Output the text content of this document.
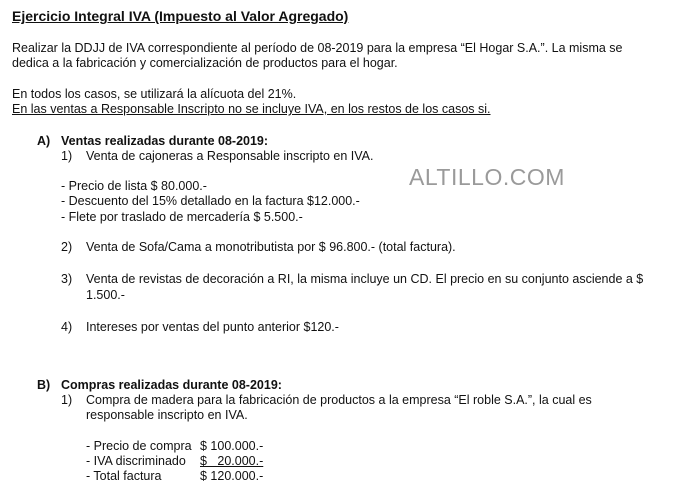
Ejercicio Integral IVA (Impuesto al Valor Agregado)
Realizar la DDJJ de IVA correspondiente al período de 08-2019 para la empresa “El Hogar S.A.”. La misma se
dedica a la fabricación y comercialización de productos para el hogar.
En todos los casos, se utilizará la alícuota del 21%.
En las ventas a Responsable Inscripto no se incluye IVA, en los restos de los casos si.
A) Ventas realizadas durante 08-2019:
1) Venta de cajoneras a Responsable inscripto en IVA.
ALTILLO.COM
- Precio de lista $ 80.000.-
- Descuento del 15% detallado en la factura $12.000.-
- Flete por traslado de mercadería $ 5.500.-
2) Venta de Sofa/Cama a monotributista por $ 96.800.- (total factura).
3) Venta de revistas de decoración a RI, la misma incluye un CD. El precio en su conjunto asciende a $
1.500.-
4) Intereses por ventas del punto anterior $120.-
B) Compras realizadas durante 08-2019:
1) Compra de madera para la fabricación de productos a la empresa “El roble S.A.”, la cual es
responsable inscripto en IVA.
- Precio de compra $ 100.000.-
- IVA discriminado $   20.000.-
- Total factura	$ 120.000.-
